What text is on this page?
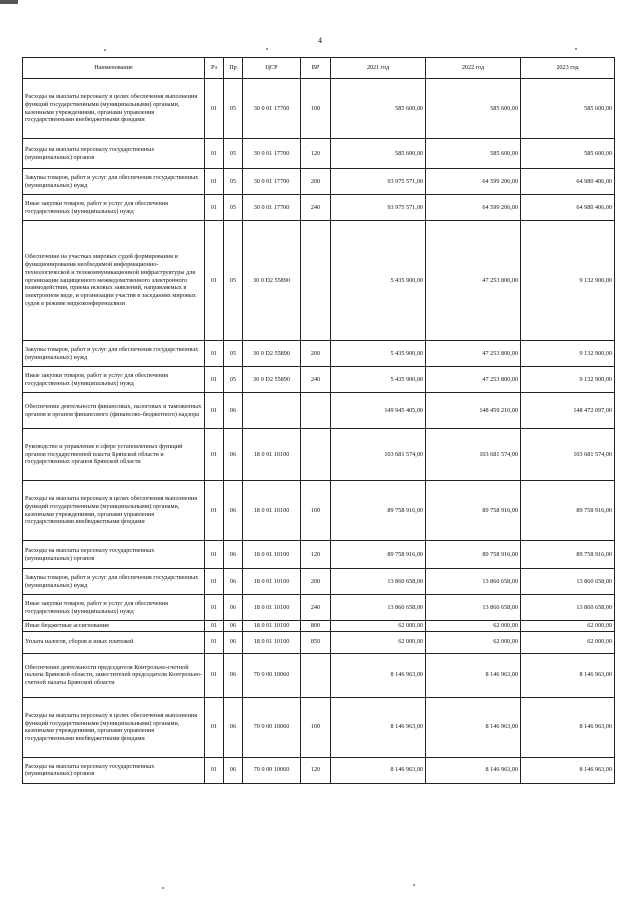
4
Наименование	Рз	Пр	ЦСР	ВР	2021 год	2022 год	2023 год
Расходы на выплаты персоналу в целях обеспечения выполнения функций государственными (муниципальными) органами, казенными учреждениями, органами управления государственными внебюджетными фондами	01	05	30 0 01 17700	100	585 600,00	585 600,00	585 600,00
Расходы на выплаты персоналу государственных (муниципальных) органов	01	05	30 0 01 17700	120	585 600,00	585 600,00	585 600,00
Закупка товаров, работ и услуг для обеспечения государственных (муниципальных) нужд	01	05	30 0 01 17700	200	93 975 571,00	64 599 206,00	64 980 406,00
Иные закупки товаров, работ и услуг для обеспечения государственных (муниципальных) нужд	01	05	30 0 01 17700	240	93 975 571,00	64 599 206,00	64 980 406,00
Обеспечение на участках мировых судей формирования и функционирования необходимой информационно-технологической и телекоммуникационной инфраструктуры для организации защищенного межведомственного электронного взаимодействия, приема исковых заявлений, направляемых в электронном виде, и организации участия в заседаниях мировых судов в режиме видеоконференцсвязи	01	05	30 0 D2 55890		5 435 900,00	47 253 800,00	9 132 900,00
Закупка товаров, работ и услуг для обеспечения государственных (муниципальных) нужд	01	05	30 0 D2 55890	200	5 435 900,00	47 253 800,00	9 132 900,00
Иные закупки товаров, работ и услуг для обеспечения государственных (муниципальных) нужд	01	05	30 0 D2 55890	240	5 435 900,00	47 253 800,00	9 132 900,00
Обеспечение деятельности финансовых, налоговых и таможенных органов и органов финансового (финансово-бюджетного) надзора	01	06			149 945 405,00	148 459 210,00	148 472 097,00
Руководство и управление в сфере установленных функций органов государственной власти Брянской области и государственных органов Брянской области	01	06	18 0 01 10100		103 681 574,00	103 681 574,00	103 681 574,00
Расходы на выплаты персоналу в целях обеспечения выполнения функций государственными (муниципальными) органами, казенными учреждениями, органами управления государственными внебюджетными фондами	01	06	18 0 01 10100	100	89 758 916,00	89 758 916,00	89 758 916,00
Расходы на выплаты персоналу государственных (муниципальных) органов	01	06	18 0 01 10100	120	89 758 916,00	89 758 916,00	89 758 916,00
Закупка товаров, работ и услуг для обеспечения государственных (муниципальных) нужд	01	06	18 0 01 10100	200	13 860 658,00	13 860 658,00	13 860 658,00
Иные закупки товаров, работ и услуг для обеспечения государственных (муниципальных) нужд	01	06	18 0 01 10100	240	13 860 658,00	13 860 658,00	13 860 658,00
Иные бюджетные ассигнования	01	06	18 0 01 10100	800	62 000,00	62 000,00	62 000,00
Уплата налогов, сборов и иных платежей	01	06	18 0 01 10100	850	62 000,00	62 000,00	62 000,00
Обеспечение деятельности председателя Контрольно-счетной палаты Брянской области, заместителей председателя Контрольно-счетной палаты Брянской области	01	06	70 0 00 10060		8 146 963,00	8 146 963,00	8 146 963,00
Расходы на выплаты персоналу в целях обеспечения выполнения функций государственными (муниципальными) органами, казенными учреждениями, органами управления государственными внебюджетными фондами	01	06	70 0 00 10060	100	8 146 963,00	8 146 963,00	8 146 963,00
Расходы на выплаты персоналу государственных (муниципальных) органов	01	06	70 0 00 10060	120	8 146 963,00	8 146 963,00	8 146 963,00
